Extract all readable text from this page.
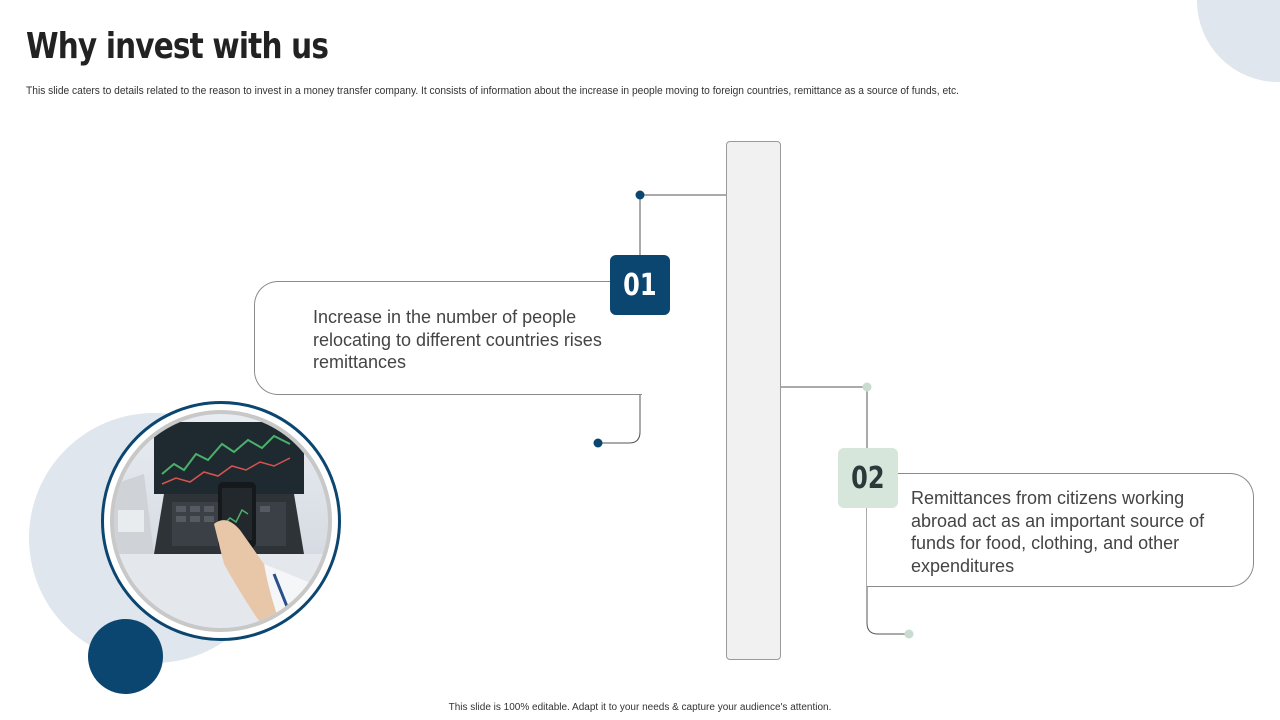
Why invest with us
This slide caters to details related to the reason to invest in a money transfer company. It consists of information about the increase in people moving to foreign countries, remittance as a source of funds, etc.
Increase in the number of people relocating to different countries rises remittances
01
Remittances from citizens working abroad act as an important source of funds for food, clothing, and other expenditures
02
This slide is 100% editable. Adapt it to your needs & capture your audience's attention.
